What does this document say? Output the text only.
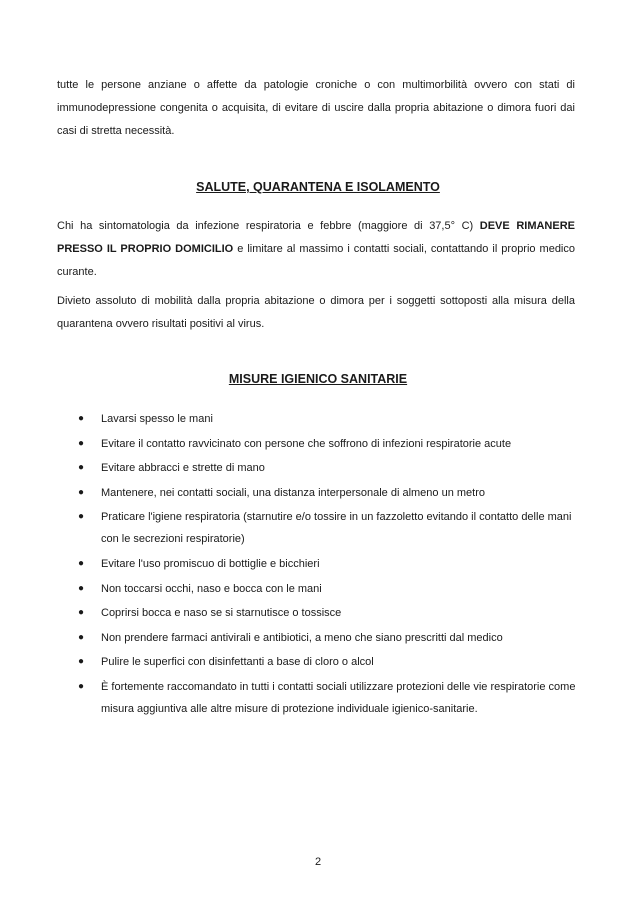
tutte le persone anziane o affette da patologie croniche o con multimorbilità ovvero con stati di immunodepressione congenita o acquisita, di evitare di uscire dalla propria abitazione o dimora fuori dai casi di stretta necessità.

SALUTE, QUARANTENA E ISOLAMENTO

Chi ha sintomatologia da infezione respiratoria e febbre (maggiore di 37,5° C) DEVE RIMANERE PRESSO IL PROPRIO DOMICILIO e limitare al massimo i contatti sociali, contattando il proprio medico curante.

Divieto assoluto di mobilità dalla propria abitazione o dimora per i soggetti sottoposti alla misura della quarantena ovvero risultati positivi al virus.

MISURE IGIENICO SANITARIE
● Lavarsi spesso le mani
● Evitare il contatto ravvicinato con persone che soffrono di infezioni respiratorie acute
● Evitare abbracci e strette di mano
● Mantenere, nei contatti sociali, una distanza interpersonale di almeno un metro
● Praticare l'igiene respiratoria (starnutire e/o tossire in un fazzoletto evitando il contatto delle mani con le secrezioni respiratorie)
● Evitare l'uso promiscuo di bottiglie e bicchieri
● Non toccarsi occhi, naso e bocca con le mani
● Coprirsi bocca e naso se si starnutisce o tossisce
● Non prendere farmaci antivirali e antibiotici, a meno che siano prescritti dal medico
● Pulire le superfici con disinfettanti a base di cloro o alcol
● È fortemente raccomandato in tutti i contatti sociali utilizzare protezioni delle vie respiratorie come misura aggiuntiva alle altre misure di protezione individuale igienico-sanitarie.
2
